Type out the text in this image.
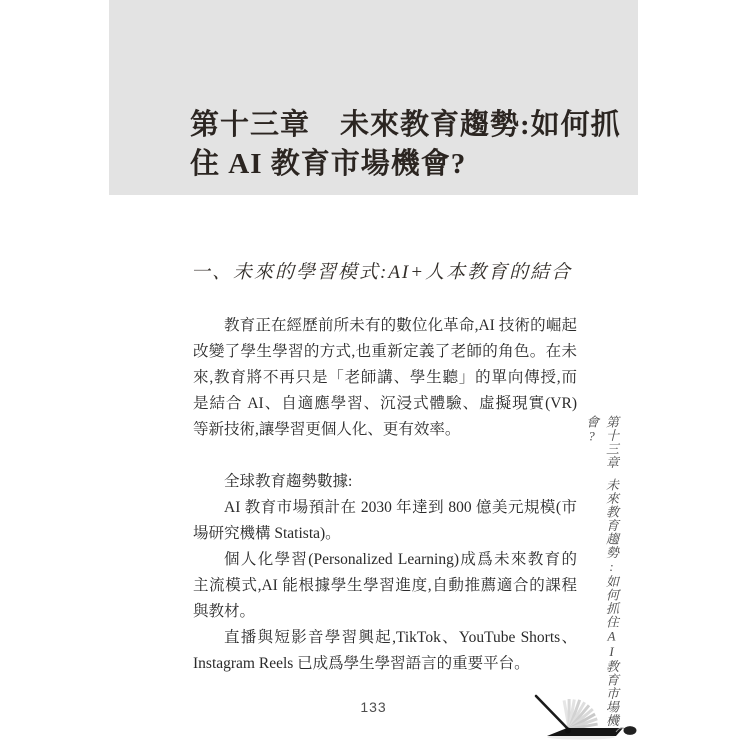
第十三章　未來教育趨勢:如何抓
住 AI 教育市場機會?
一、未來的學習模式:AI+人本教育的結合
教育正在經歷前所未有的數位化革命,AI 技術的崛起
改變了學生學習的方式,也重新定義了老師的角色。在未
來,教育將不再只是「老師講、學生聽」的單向傳授,而
是結合 AI、自適應學習、沉浸式體驗、虛擬現實(VR)
等新技術,讓學習更個人化、更有效率。
全球教育趨勢數據:
AI 教育市場預計在 2030 年達到 800 億美元規模(市
場研究機構 Statista)。
個人化學習(Personalized Learning)成爲未來教育的
主流模式,AI 能根據學生學習進度,自動推薦適合的課程
與教材。
直播與短影音學習興起,TikTok、YouTube Shorts、
Instagram Reels 已成爲學生學習語言的重要平台。
第十三章未來教育趨勢:如何抓住AI教育市場機會?
133
